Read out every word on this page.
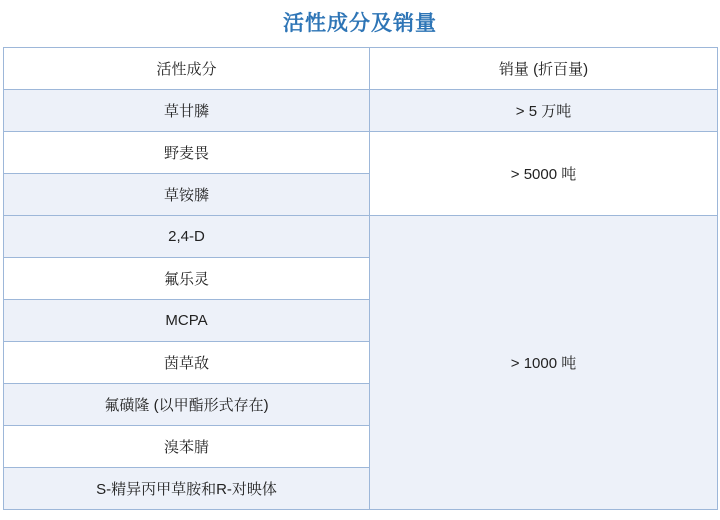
活性成分及销量
活性成分	销量 (折百量)
草甘膦	> 5 万吨
野麦畏	> 5000 吨
草铵膦	
2,4-D	> 1000 吨
氟乐灵	
MCPA	
茵草敌	
氟磺隆 (以甲酯形式存在)	
溴苯腈	
S-精异丙甲草胺和R-对映体	
